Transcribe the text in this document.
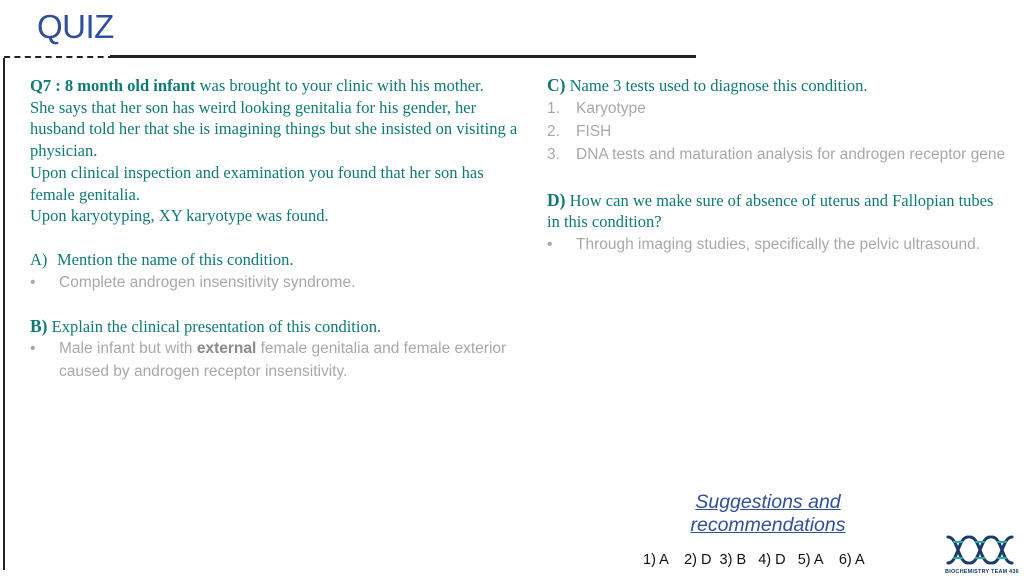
QUIZ

Q7 : 8 month old infant was brought to your clinic with his mother.
She says that her son has weird looking genitalia for his gender, her husband told her that she is imagining things but she insisted on visiting a physician.
Upon clinical inspection and examination you found that her son has female genitalia.
Upon karyotyping, XY karyotype was found.

A) Mention the name of this condition.
• Complete androgen insensitivity syndrome.

B) Explain the clinical presentation of this condition.

• Male infant but with external female genitalia and female exterior caused by androgen receptor insensitivity.

C) Name 3 tests used to diagnose this condition.

1. Karyotype
2. FISH
3. DNA tests and maturation analysis for androgen receptor gene

D) How can we make sure of absence of uterus and Fallopian tubes in this condition?

• Through imaging studies, specifically the pelvic ultrasound.
Suggestions and recommendations
1) A    2) D  3) B   4) D   5) A    6) A
BIOCHEMISTRY TEAM 436
